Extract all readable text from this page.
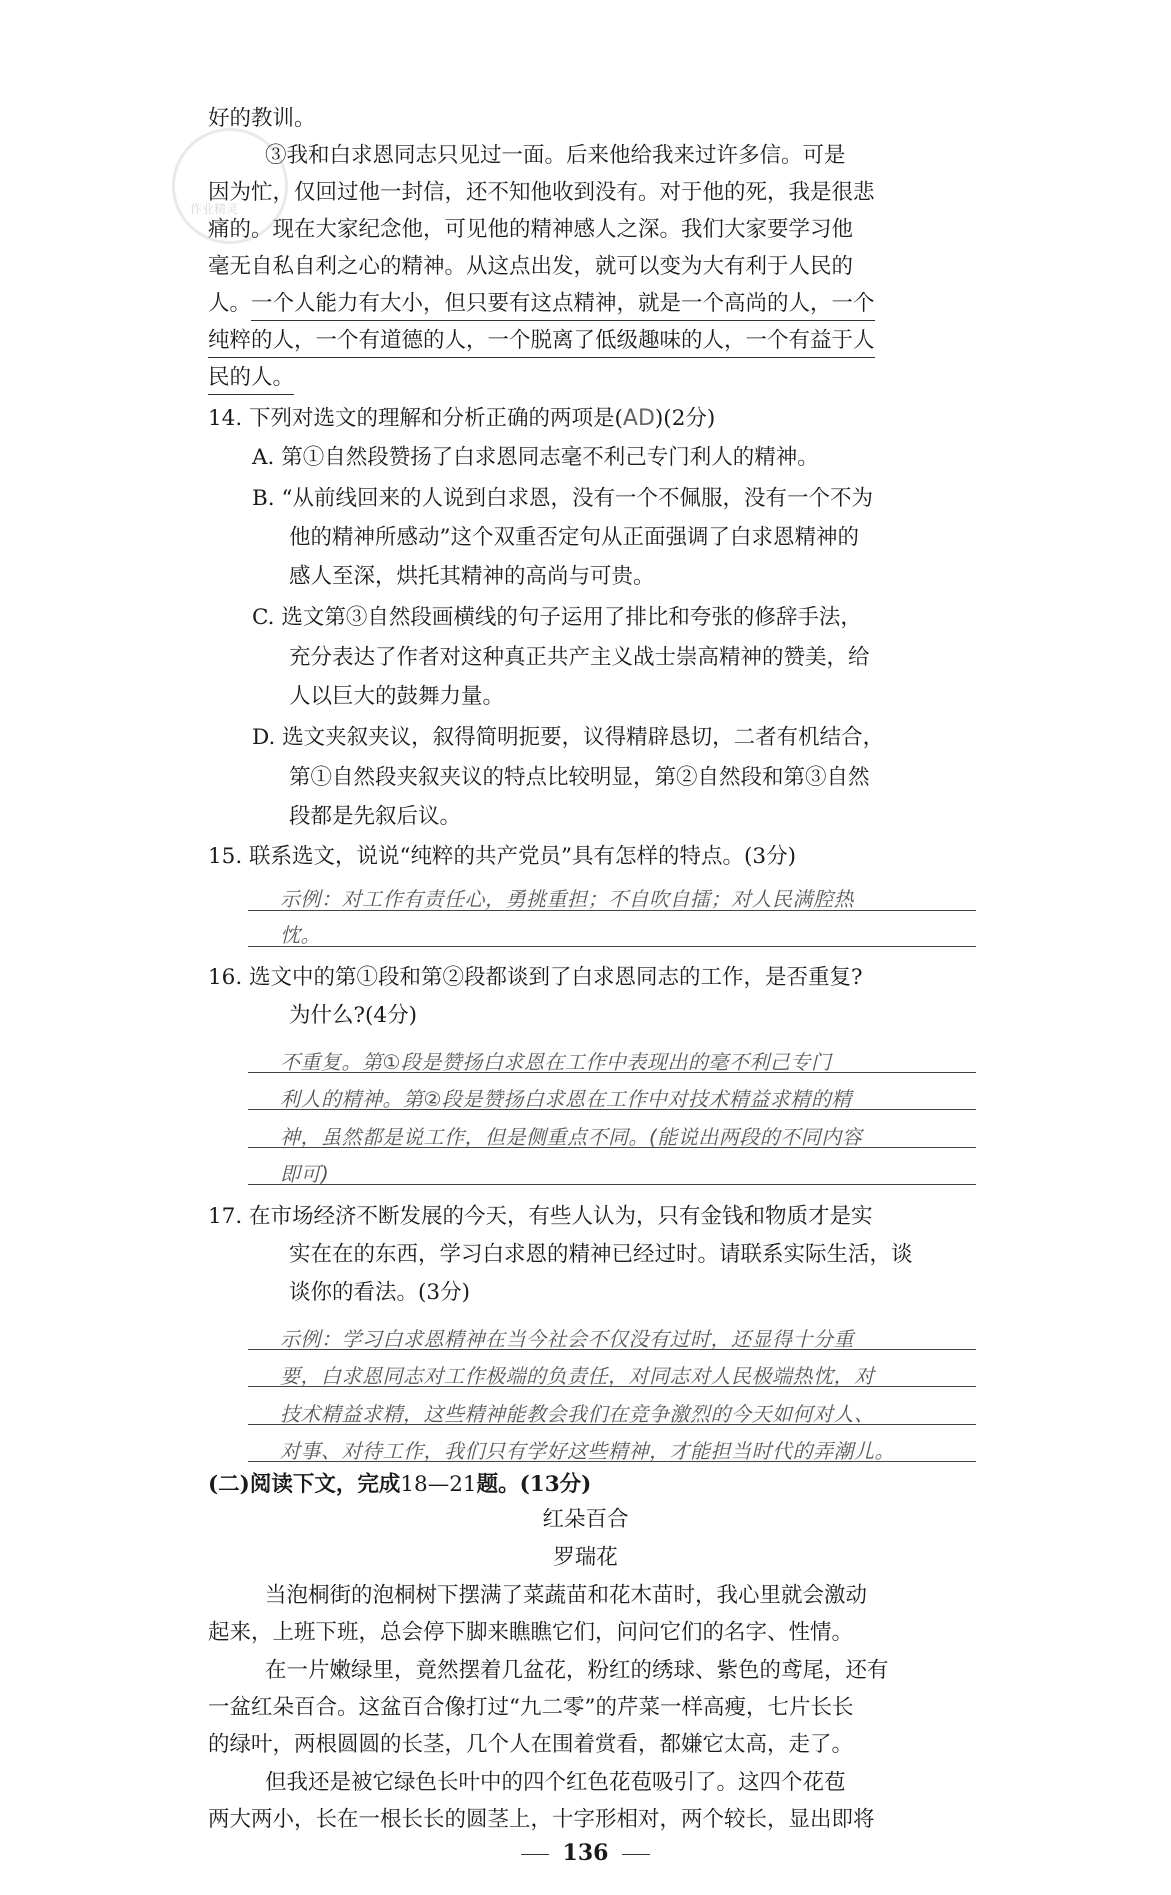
作业精灵
好的教训。
③我和白求恩同志只见过一面。后来他给我来过许多信。可是
因为忙，仅回过他一封信，还不知他收到没有。对于他的死，我是很悲
痛的。现在大家纪念他，可见他的精神感人之深。我们大家要学习他
毫无自私自利之心的精神。从这点出发，就可以变为大有利于人民的
人。一个人能力有大小，但只要有这点精神，就是一个高尚的人，一个
纯粹的人，一个有道德的人，一个脱离了低级趣味的人，一个有益于人
民的人。
14. 下列对选文的理解和分析正确的两项是(AD)(2分)
A. 第①自然段赞扬了白求恩同志毫不利己专门利人的精神。
B. “从前线回来的人说到白求恩，没有一个不佩服，没有一个不为
他的精神所感动”这个双重否定句从正面强调了白求恩精神的
感人至深，烘托其精神的高尚与可贵。
C. 选文第③自然段画横线的句子运用了排比和夸张的修辞手法，
充分表达了作者对这种真正共产主义战士崇高精神的赞美，给
人以巨大的鼓舞力量。
D. 选文夹叙夹议，叙得简明扼要，议得精辟恳切，二者有机结合，
第①自然段夹叙夹议的特点比较明显，第②自然段和第③自然
段都是先叙后议。
15. 联系选文，说说“纯粹的共产党员”具有怎样的特点。(3分)
示例：对工作有责任心，勇挑重担；不自吹自擂；对人民满腔热
忱。
16. 选文中的第①段和第②段都谈到了白求恩同志的工作，是否重复?
为什么?(4分)
不重复。第①段是赞扬白求恩在工作中表现出的毫不利己专门
利人的精神。第②段是赞扬白求恩在工作中对技术精益求精的精
神，虽然都是说工作，但是侧重点不同。(能说出两段的不同内容
即可)
17. 在市场经济不断发展的今天，有些人认为，只有金钱和物质才是实
实在在的东西，学习白求恩的精神已经过时。请联系实际生活，谈
谈你的看法。(3分)
示例：学习白求恩精神在当今社会不仅没有过时，还显得十分重
要，白求恩同志对工作极端的负责任，对同志对人民极端热忱，对
技术精益求精，这些精神能教会我们在竞争激烈的今天如何对人、
对事、对待工作，我们只有学好这些精神，才能担当时代的弄潮儿。
(二)阅读下文，完成18—21题。(13分)
红朵百合
罗瑞花
当泡桐街的泡桐树下摆满了菜蔬苗和花木苗时，我心里就会激动
起来，上班下班，总会停下脚来瞧瞧它们，问问它们的名字、性情。
在一片嫩绿里，竟然摆着几盆花，粉红的绣球、紫色的鸢尾，还有
一盆红朵百合。这盆百合像打过“九二零”的芹菜一样高瘦，七片长长
的绿叶，两根圆圆的长茎，几个人在围着赏看，都嫌它太高，走了。
但我还是被它绿色长叶中的四个红色花苞吸引了。这四个花苞
两大两小，长在一根长长的圆茎上，十字形相对，两个较长，显出即将
136
